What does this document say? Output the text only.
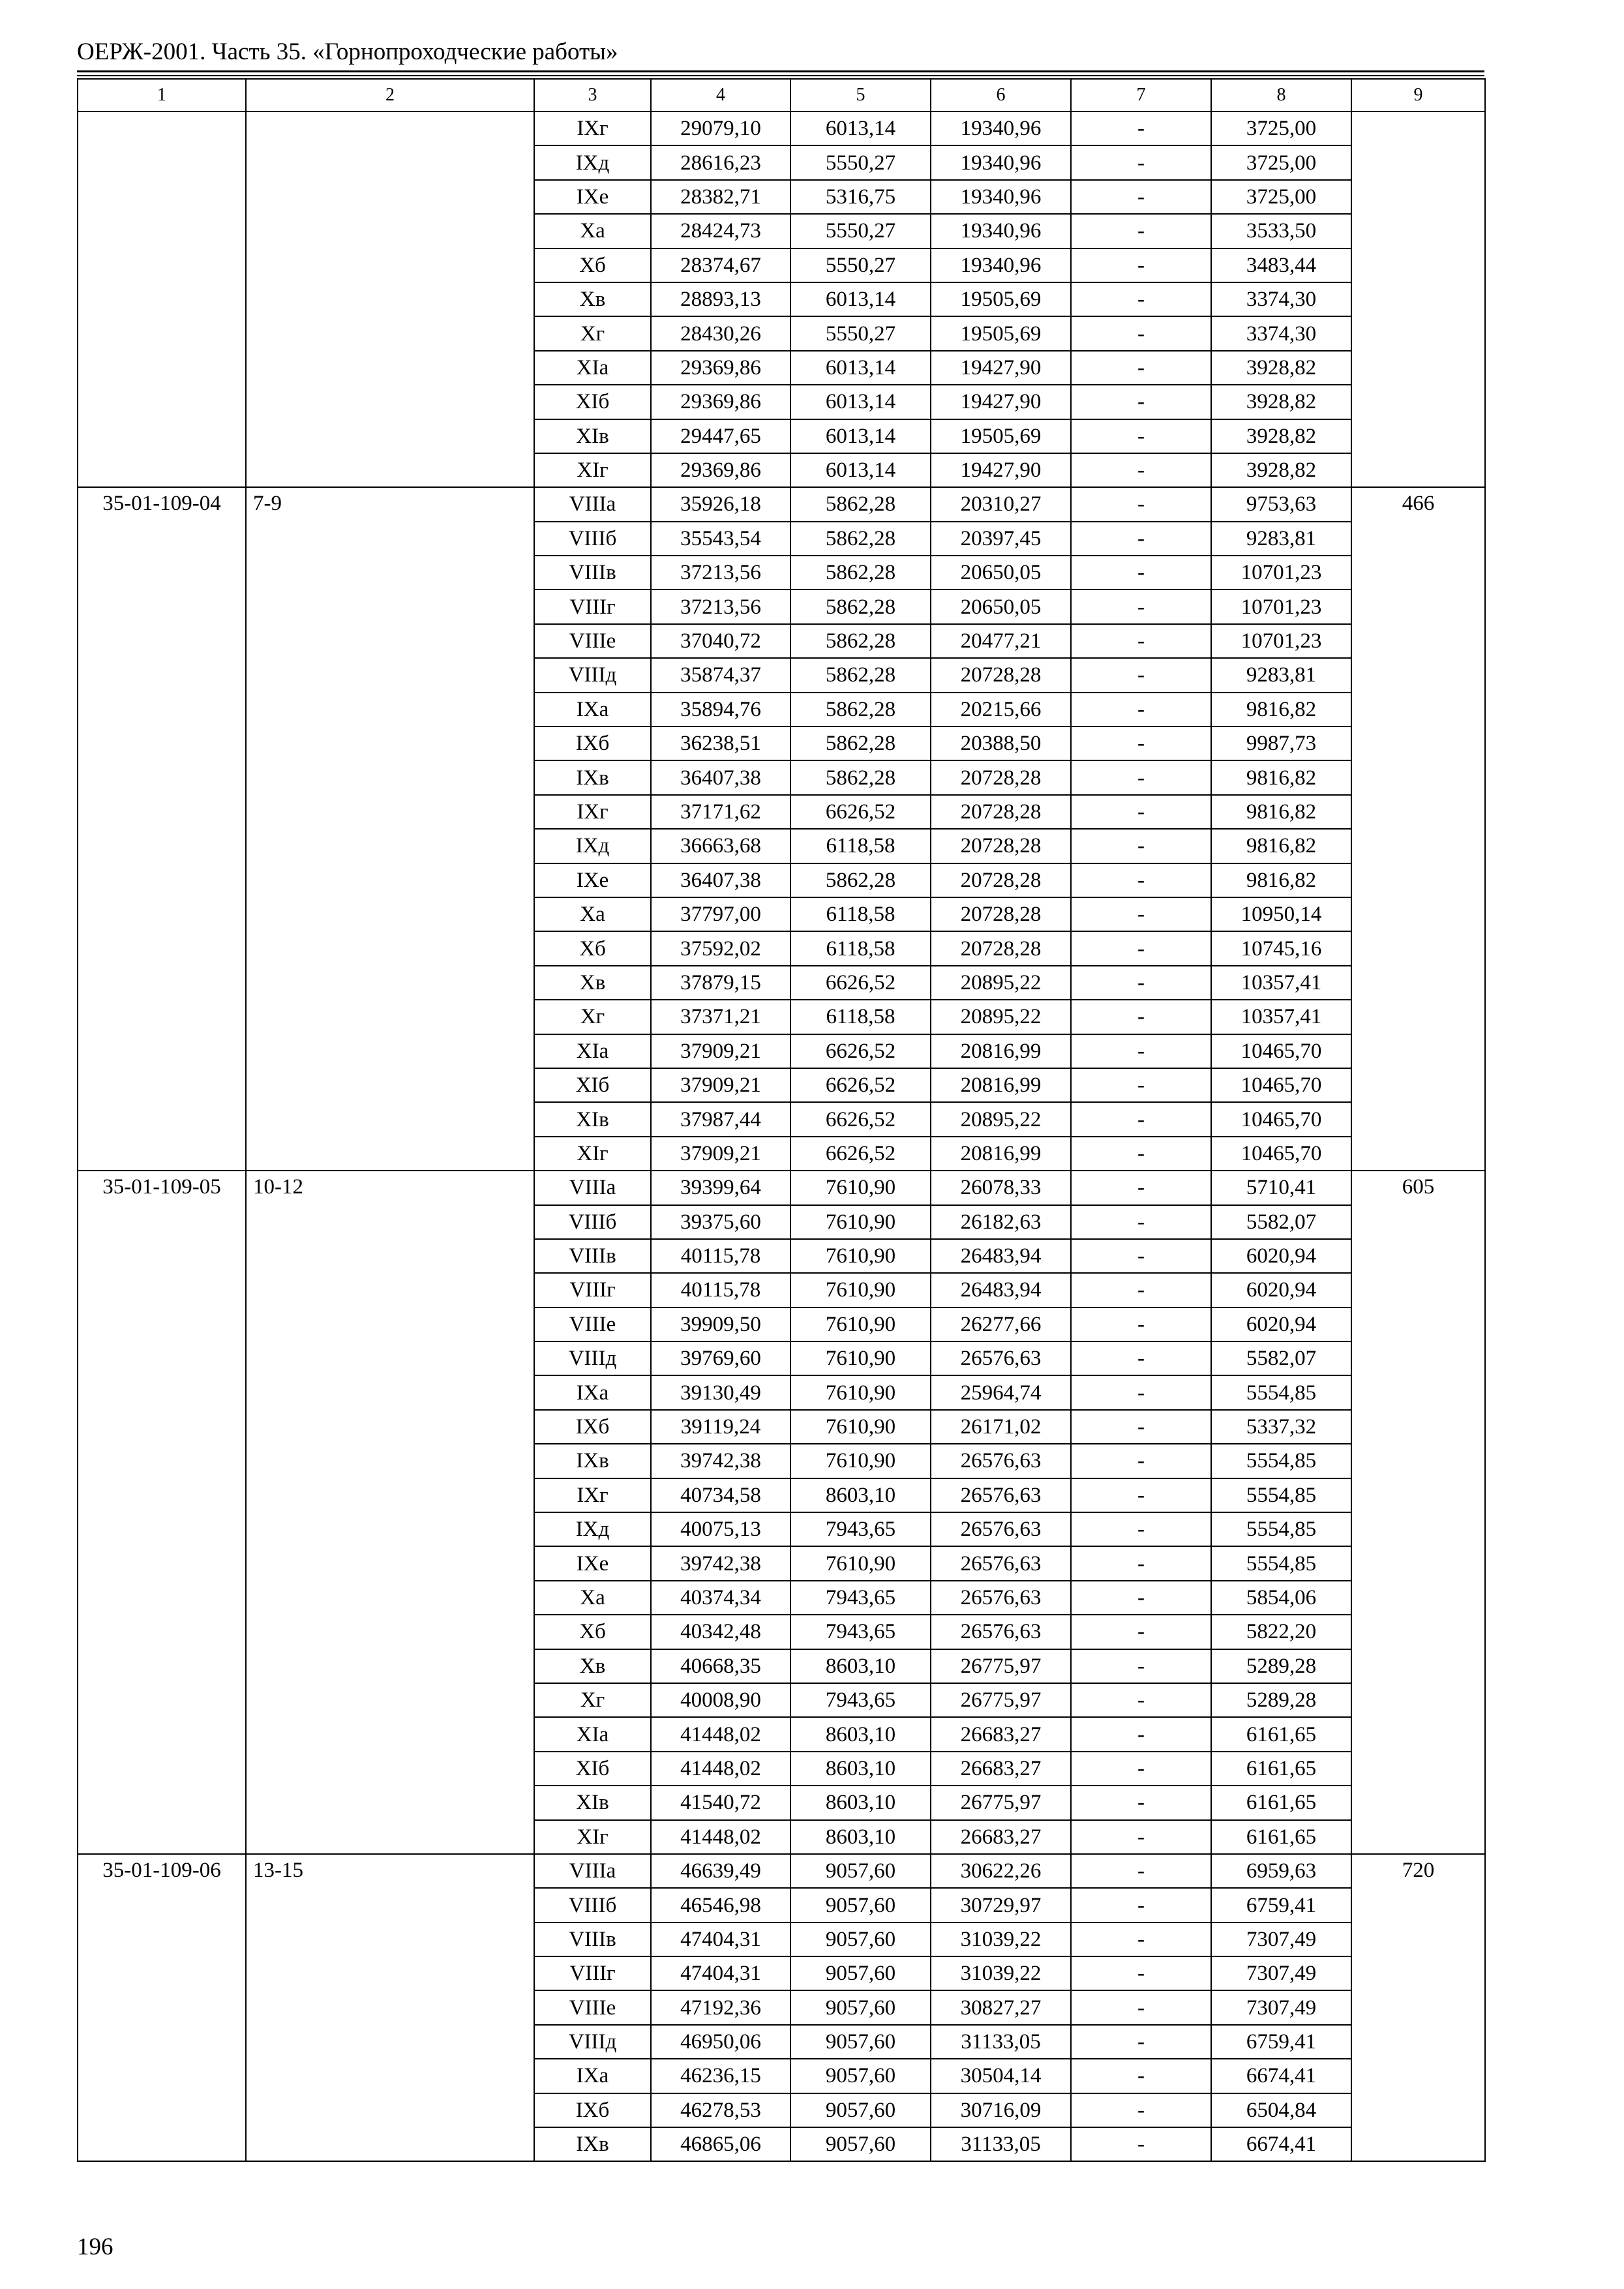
ОЕРЖ-2001. Часть 35. «Горнопроходческие работы»
1	2	3	4	5	6	7	8	9
		IXг	29079,10	6013,14	19340,96	-	3725,00	
		IXд	28616,23	5550,27	19340,96	-	3725,00	
		IXе	28382,71	5316,75	19340,96	-	3725,00	
		Xа	28424,73	5550,27	19340,96	-	3533,50	
		Xб	28374,67	5550,27	19340,96	-	3483,44	
		Xв	28893,13	6013,14	19505,69	-	3374,30	
		Xг	28430,26	5550,27	19505,69	-	3374,30	
		XIа	29369,86	6013,14	19427,90	-	3928,82	
		XIб	29369,86	6013,14	19427,90	-	3928,82	
		XIв	29447,65	6013,14	19505,69	-	3928,82	
		XIг	29369,86	6013,14	19427,90	-	3928,82	
35-01-109-04	7-9	VIIIа	35926,18	5862,28	20310,27	-	9753,63	466
		VIIIб	35543,54	5862,28	20397,45	-	9283,81	
		VIIIв	37213,56	5862,28	20650,05	-	10701,23	
		VIIIг	37213,56	5862,28	20650,05	-	10701,23	
		VIIIе	37040,72	5862,28	20477,21	-	10701,23	
		VIIIд	35874,37	5862,28	20728,28	-	9283,81	
		IXа	35894,76	5862,28	20215,66	-	9816,82	
		IXб	36238,51	5862,28	20388,50	-	9987,73	
		IXв	36407,38	5862,28	20728,28	-	9816,82	
		IXг	37171,62	6626,52	20728,28	-	9816,82	
		IXд	36663,68	6118,58	20728,28	-	9816,82	
		IXе	36407,38	5862,28	20728,28	-	9816,82	
		Xа	37797,00	6118,58	20728,28	-	10950,14	
		Xб	37592,02	6118,58	20728,28	-	10745,16	
		Xв	37879,15	6626,52	20895,22	-	10357,41	
		Xг	37371,21	6118,58	20895,22	-	10357,41	
		XIа	37909,21	6626,52	20816,99	-	10465,70	
		XIб	37909,21	6626,52	20816,99	-	10465,70	
		XIв	37987,44	6626,52	20895,22	-	10465,70	
		XIг	37909,21	6626,52	20816,99	-	10465,70	
35-01-109-05	10-12	VIIIа	39399,64	7610,90	26078,33	-	5710,41	605
		VIIIб	39375,60	7610,90	26182,63	-	5582,07	
		VIIIв	40115,78	7610,90	26483,94	-	6020,94	
		VIIIг	40115,78	7610,90	26483,94	-	6020,94	
		VIIIе	39909,50	7610,90	26277,66	-	6020,94	
		VIIIд	39769,60	7610,90	26576,63	-	5582,07	
		IXа	39130,49	7610,90	25964,74	-	5554,85	
		IXб	39119,24	7610,90	26171,02	-	5337,32	
		IXв	39742,38	7610,90	26576,63	-	5554,85	
		IXг	40734,58	8603,10	26576,63	-	5554,85	
		IXд	40075,13	7943,65	26576,63	-	5554,85	
		IXе	39742,38	7610,90	26576,63	-	5554,85	
		Xа	40374,34	7943,65	26576,63	-	5854,06	
		Xб	40342,48	7943,65	26576,63	-	5822,20	
		Xв	40668,35	8603,10	26775,97	-	5289,28	
		Xг	40008,90	7943,65	26775,97	-	5289,28	
		XIа	41448,02	8603,10	26683,27	-	6161,65	
		XIб	41448,02	8603,10	26683,27	-	6161,65	
		XIв	41540,72	8603,10	26775,97	-	6161,65	
		XIг	41448,02	8603,10	26683,27	-	6161,65	
35-01-109-06	13-15	VIIIа	46639,49	9057,60	30622,26	-	6959,63	720
		VIIIб	46546,98	9057,60	30729,97	-	6759,41	
		VIIIв	47404,31	9057,60	31039,22	-	7307,49	
		VIIIг	47404,31	9057,60	31039,22	-	7307,49	
		VIIIе	47192,36	9057,60	30827,27	-	7307,49	
		VIIIд	46950,06	9057,60	31133,05	-	6759,41	
		IXа	46236,15	9057,60	30504,14	-	6674,41	
		IXб	46278,53	9057,60	30716,09	-	6504,84	
		IXв	46865,06	9057,60	31133,05	-	6674,41	
196
